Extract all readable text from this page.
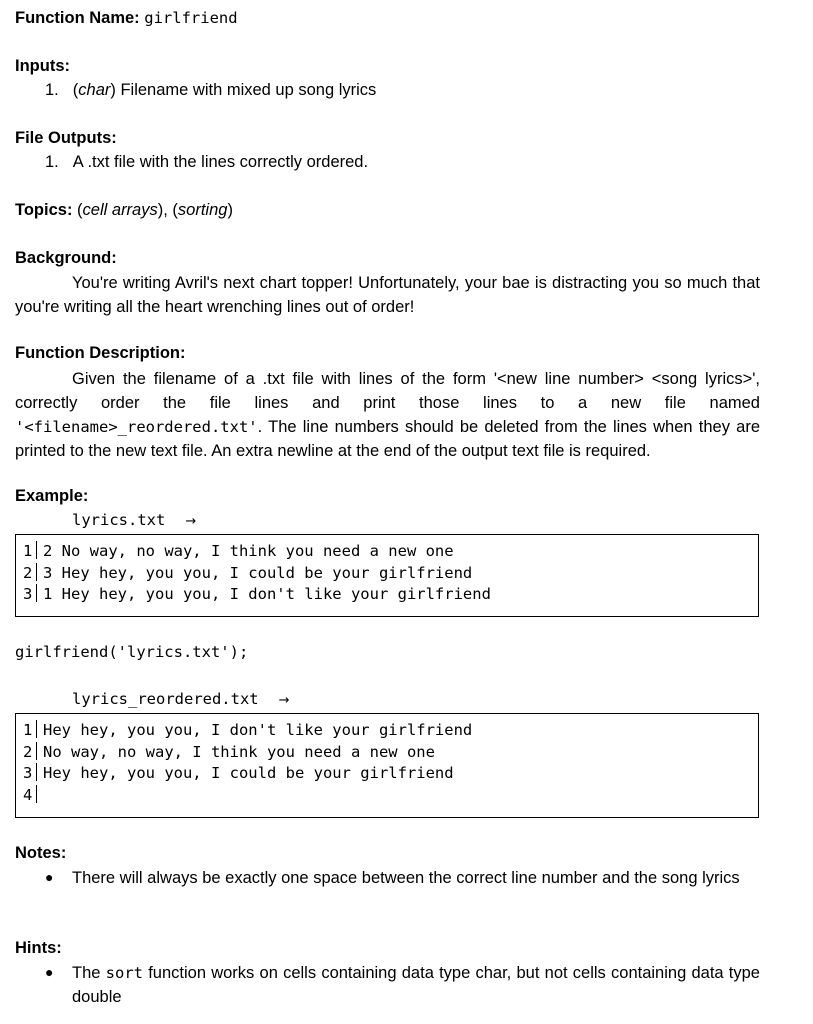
Function Name: girlfriend
Inputs:
1. (char) Filename with mixed up song lyrics
File Outputs:
1. A .txt file with the lines correctly ordered.
Topics: (cell arrays), (sorting)
Background:
You're writing Avril's next chart topper! Unfortunately, your bae is distracting you so much that you're writing all the heart wrenching lines out of order!
Function Description:
Given the filename of a .txt file with lines of the form '<new line number> <song lyrics>', correctly order the file lines and print those lines to a new file named '<filename>_reordered.txt'. The line numbers should be deleted from the lines when they are printed to the new text file. An extra newline at the end of the output text file is required.
Example:
lyrics.txt →
1 2 No way, no way, I think you need a new one
2 3 Hey hey, you you, I could be your girlfriend
3 1 Hey hey, you you, I don't like your girlfriend
girlfriend('lyrics.txt');
lyrics_reordered.txt →
1 Hey hey, you you, I don't like your girlfriend
2 No way, no way, I think you need a new one
3 Hey hey, you you, I could be your girlfriend
4
Notes:
● There will always be exactly one space between the correct line number and the song lyrics
Hints:
● The sort function works on cells containing data type char, but not cells containing data type double
